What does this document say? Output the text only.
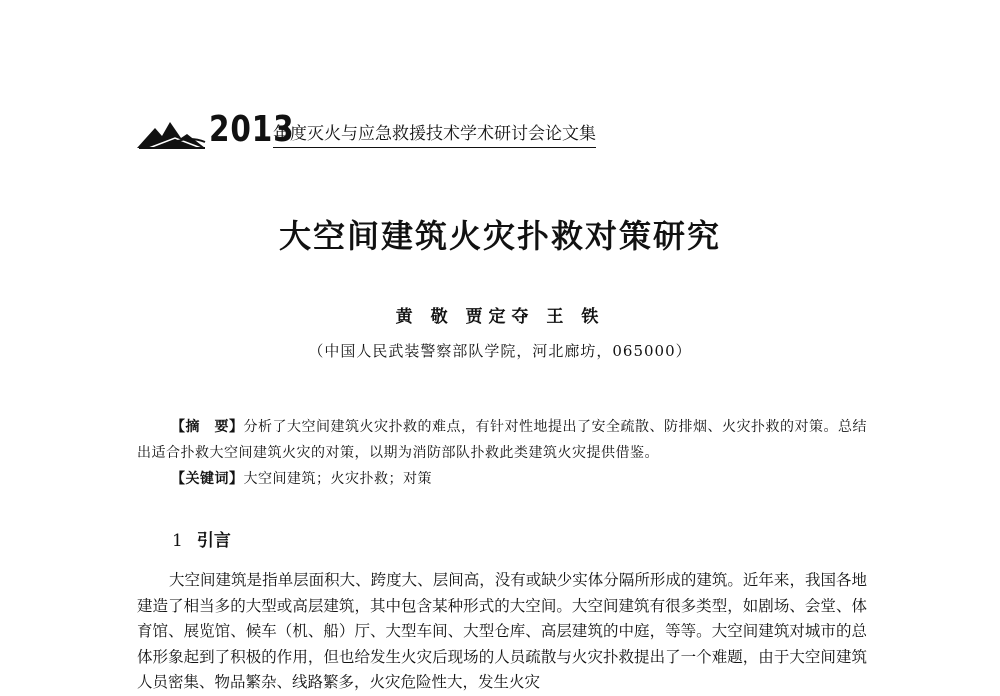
2013
年度灭火与应急救援技术学术研讨会论文集
大空间建筑火灾扑救对策研究
黄 敬 贾定夺 王 铁
（中国人民武装警察部队学院，河北廊坊，065000）

【摘　要】分析了大空间建筑火灾扑救的难点，有针对性地提出了安全疏散、防排烟、火灾扑救的对策。总结出适合扑救大空间建筑火灾的对策，以期为消防部队扑救此类建筑火灾提供借鉴。

【关键词】大空间建筑；火灾扑救；对策

1 引言

大空间建筑是指单层面积大、跨度大、层间高，没有或缺少实体分隔所形成的建筑。近年来，我国各地建造了相当多的大型或高层建筑，其中包含某种形式的大空间。大空间建筑有很多类型，如剧场、会堂、体育馆、展览馆、候车（机、船）厅、大型车间、大型仓库、高层建筑的中庭，等等。大空间建筑对城市的总体形象起到了积极的作用，但也给发生火灾后现场的人员疏散与火灾扑救提出了一个难题，由于大空间建筑人员密集、物品繁杂、线路繁多，火灾危险性大，发生火灾
